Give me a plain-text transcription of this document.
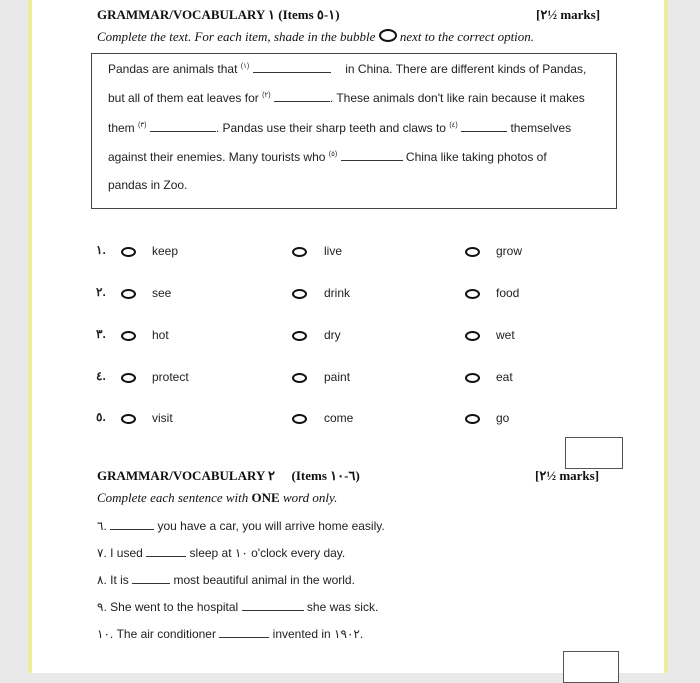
GRAMMAR/VOCABULARY ١ (Items ١-٥)	[٢½ marks]
Complete the text. For each item, shade in the bubble next to the correct option.
Pandas are animals that $^{(١)}$	in China. There are different kinds of Pandas,
but all of them eat leaves for $^{(٢)}$	. These animals don't like rain because it makes
them $^{(٣)}$	. Pandas use their sharp teeth and claws to $^{(٤)}$	themselves
against their enemies. Many tourists who $^{(٥)}$	China like taking photos of
pandas in Zoo.
١.	keep	live	grow
٢.	see	drink	food
٣.	hot	dry	wet
٤.	protect	paint	eat
٥.	visit	come	go
GRAMMAR/VOCABULARY ٢ (Items ٦-١٠)	[٢½ marks]
Complete each sentence with ONE word only.
٦.	you have a car, you will arrive home easily.
٧. I used	sleep at ١٠ o'clock every day.
٨. It is	most beautiful animal in the world.
٩. She went to the hospital	she was sick.
١٠. The air conditioner	invented in ١٩٠٢.
